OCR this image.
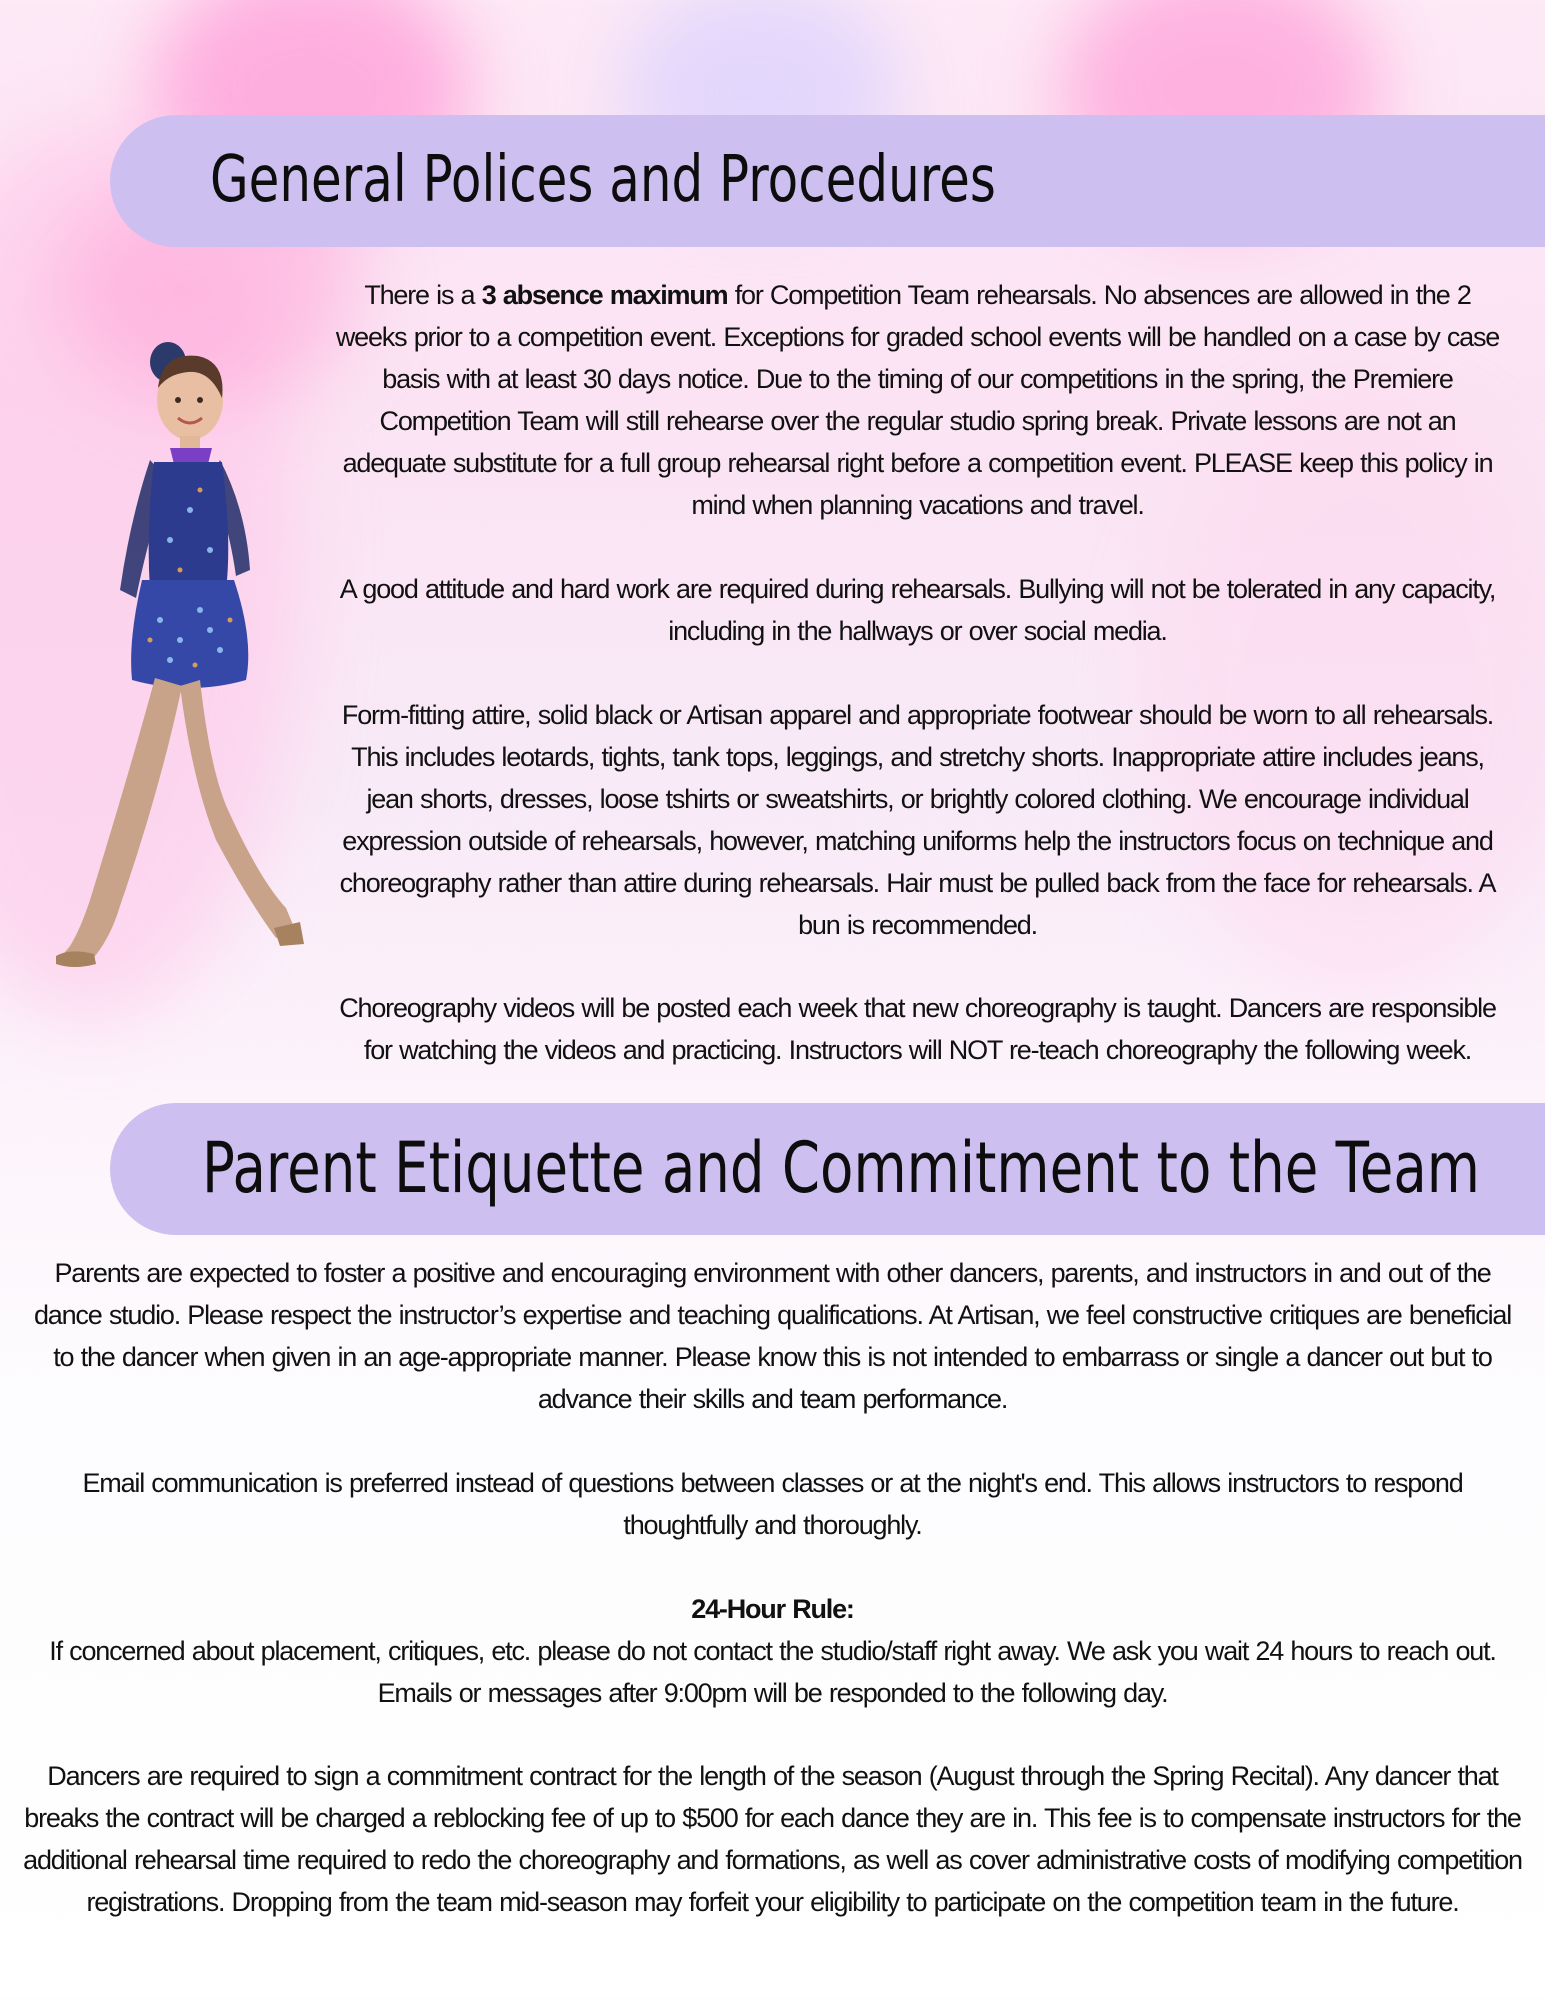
General Polices and Procedures

There is a 3 absence maximum for Competition Team rehearsals. No absences are allowed in the 2 weeks prior to a competition event. Exceptions for graded school events will be handled on a case by case basis with at least 30 days notice. Due to the timing of our competitions in the spring, the Premiere Competition Team will still rehearse over the regular studio spring break. Private lessons are not an adequate substitute for a full group rehearsal right before a competition event. PLEASE keep this policy in mind when planning vacations and travel.

A good attitude and hard work are required during rehearsals. Bullying will not be tolerated in any capacity, including in the hallways or over social media.

Form-fitting attire, solid black or Artisan apparel and appropriate footwear should be worn to all rehearsals. This includes leotards, tights, tank tops, leggings, and stretchy shorts. Inappropriate attire includes jeans, jean shorts, dresses, loose tshirts or sweatshirts, or brightly colored clothing. We encourage individual expression outside of rehearsals, however, matching uniforms help the instructors focus on technique and choreography rather than attire during rehearsals. Hair must be pulled back from the face for rehearsals. A bun is recommended.

Choreography videos will be posted each week that new choreography is taught. Dancers are responsible for watching the videos and practicing. Instructors will NOT re-teach choreography the following week.

Parent Etiquette and Commitment to the Team

Parents are expected to foster a positive and encouraging environment with other dancers, parents, and instructors in and out of the dance studio. Please respect the instructor’s expertise and teaching qualifications. At Artisan, we feel constructive critiques are beneficial to the dancer when given in an age-appropriate manner. Please know this is not intended to embarrass or single a dancer out but to advance their skills and team performance.

Email communication is preferred instead of questions between classes or at the night's end. This allows instructors to respond thoughtfully and thoroughly.

24-Hour Rule:
If concerned about placement, critiques, etc. please do not contact the studio/staff right away. We ask you wait 24 hours to reach out. Emails or messages after 9:00pm will be responded to the following day.

Dancers are required to sign a commitment contract for the length of the season (August through the Spring Recital). Any dancer that breaks the contract will be charged a reblocking fee of up to $500 for each dance they are in. This fee is to compensate instructors for the additional rehearsal time required to redo the choreography and formations, as well as cover administrative costs of modifying competition registrations. Dropping from the team mid-season may forfeit your eligibility to participate on the competition team in the future.
